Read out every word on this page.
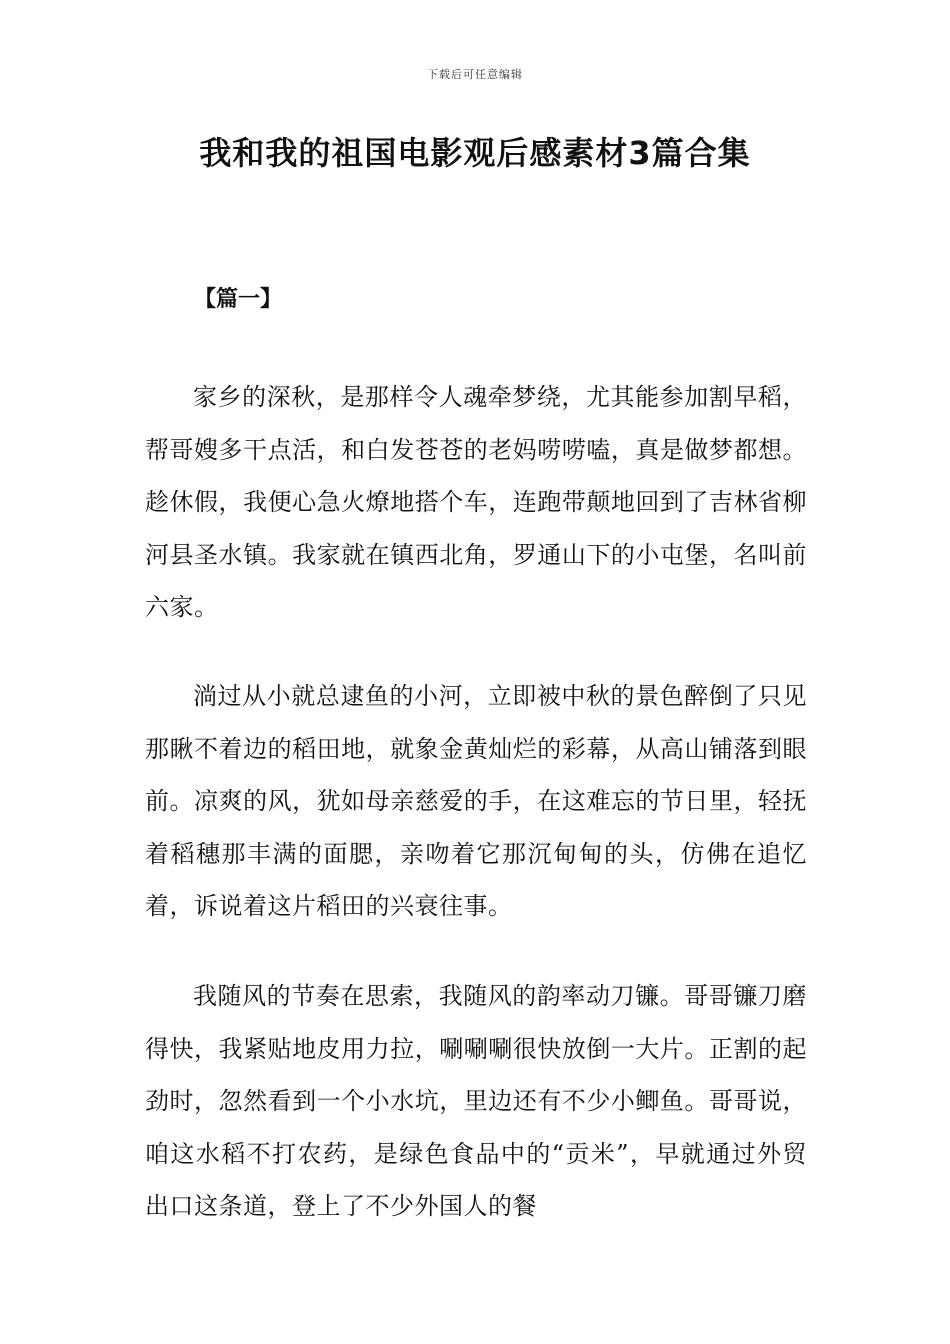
下载后可任意编辑
我和我的祖国电影观后感素材3篇合集
【篇一】

家乡的深秋，是那样令人魂牵梦绕，尤其能参加割早稻，帮哥嫂多干点活，和白发苍苍的老妈唠唠嗑，真是做梦都想。趁休假，我便心急火燎地搭个车，连跑带颠地回到了吉林省柳河县圣水镇。我家就在镇西北角，罗通山下的小屯堡，名叫前六家。

淌过从小就总逮鱼的小河，立即被中秋的景色醉倒了只见那瞅不着边的稻田地，就象金黄灿烂的彩幕，从高山铺落到眼前。凉爽的风，犹如母亲慈爱的手，在这难忘的节日里，轻抚着稻穗那丰满的面腮，亲吻着它那沉甸甸的头，仿佛在追忆着，诉说着这片稻田的兴衰往事。

我随风的节奏在思索，我随风的韵率动刀镰。哥哥镰刀磨得快，我紧贴地皮用力拉，唰唰唰很快放倒一大片。正割的起劲时，忽然看到一个小水坑，里边还有不少小鲫鱼。哥哥说，咱这水稻不打农药，是绿色食品中的“贡米”，早就通过外贸出口这条道，登上了不少外国人的餐
